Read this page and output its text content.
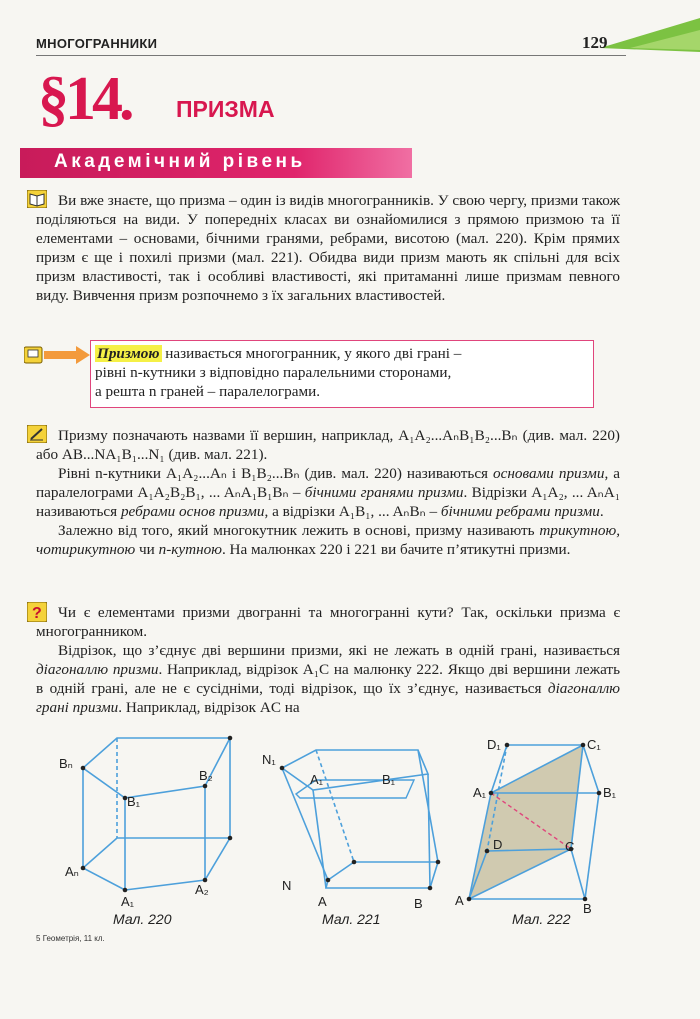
МНОГОГРАННИКИ	129
§14. ПРИЗМА
Академічний рівень

Ви вже знаєте, що призма – один із видів многогранників. У свою чергу, призми також поділяються на види. У попередніх класах ви ознайомилися з прямою призмою та її елементами – основами, бічними гранями, ребрами, висотою (мал. 220). Крім прямих призм є ще і похилі призми (мал. 221). Обидва види призм мають як спільні для всіх призм властивості, так і особливі властивості, які притаманні лише призмам певного виду. Вивчення призм розпочнемо з їх загальних властивостей.

Призмою називається многогранник, у якого дві грані –
рівні n-кутники з відповідно паралельними сторонами,
а решта n граней – паралелограми.

Призму позначають назвами її вершин, наприклад, A₁A₂...AₙB₁B₂...Bₙ (див. мал. 220) або AB...NA₁B₁...N₁ (див. мал. 221).

Рівні n-кутники A₁A₂...Aₙ і B₁B₂...Bₙ (див. мал. 220) називаються основами призми, а паралелограми A₁A₂B₂B₁, ... AₙA₁B₁Bₙ – бічними гранями призми. Відрізки A₁A₂, ... AₙA₁ називаються ребрами основ призми, а відрізки A₁B₁, ... AₙBₙ – бічними ребрами призми.

Залежно від того, який многокутник лежить в основі, призму називають трикутною, чотирикутною чи n-кутною. На малюнках 220 і 221 ви бачите п’ятикутні призми.

?	Чи є елементами призми двогранні та многогранні кути? Так, оскільки призма є многогранником.

Відрізок, що з’єднує дві вершини призми, які не лежать в одній грані, називається діагоналлю призми. Наприклад, відрізок A₁C на малюнку 222. Якщо дві вершини лежать в одній грані, але не є сусідніми, тоді відрізок, що їх з’єднує, називається діагоналлю грані призми. Наприклад, відрізок AC на

Bₙ
B₂
B₁
Aₙ
A₁
A₂
Мал. 220
N₁
A₁	B₁
N
A	B
Мал. 221
D₁	C₁
A₁	B₁
D	C
A
B
Мал. 222
5 Геометрія, 11 кл.
